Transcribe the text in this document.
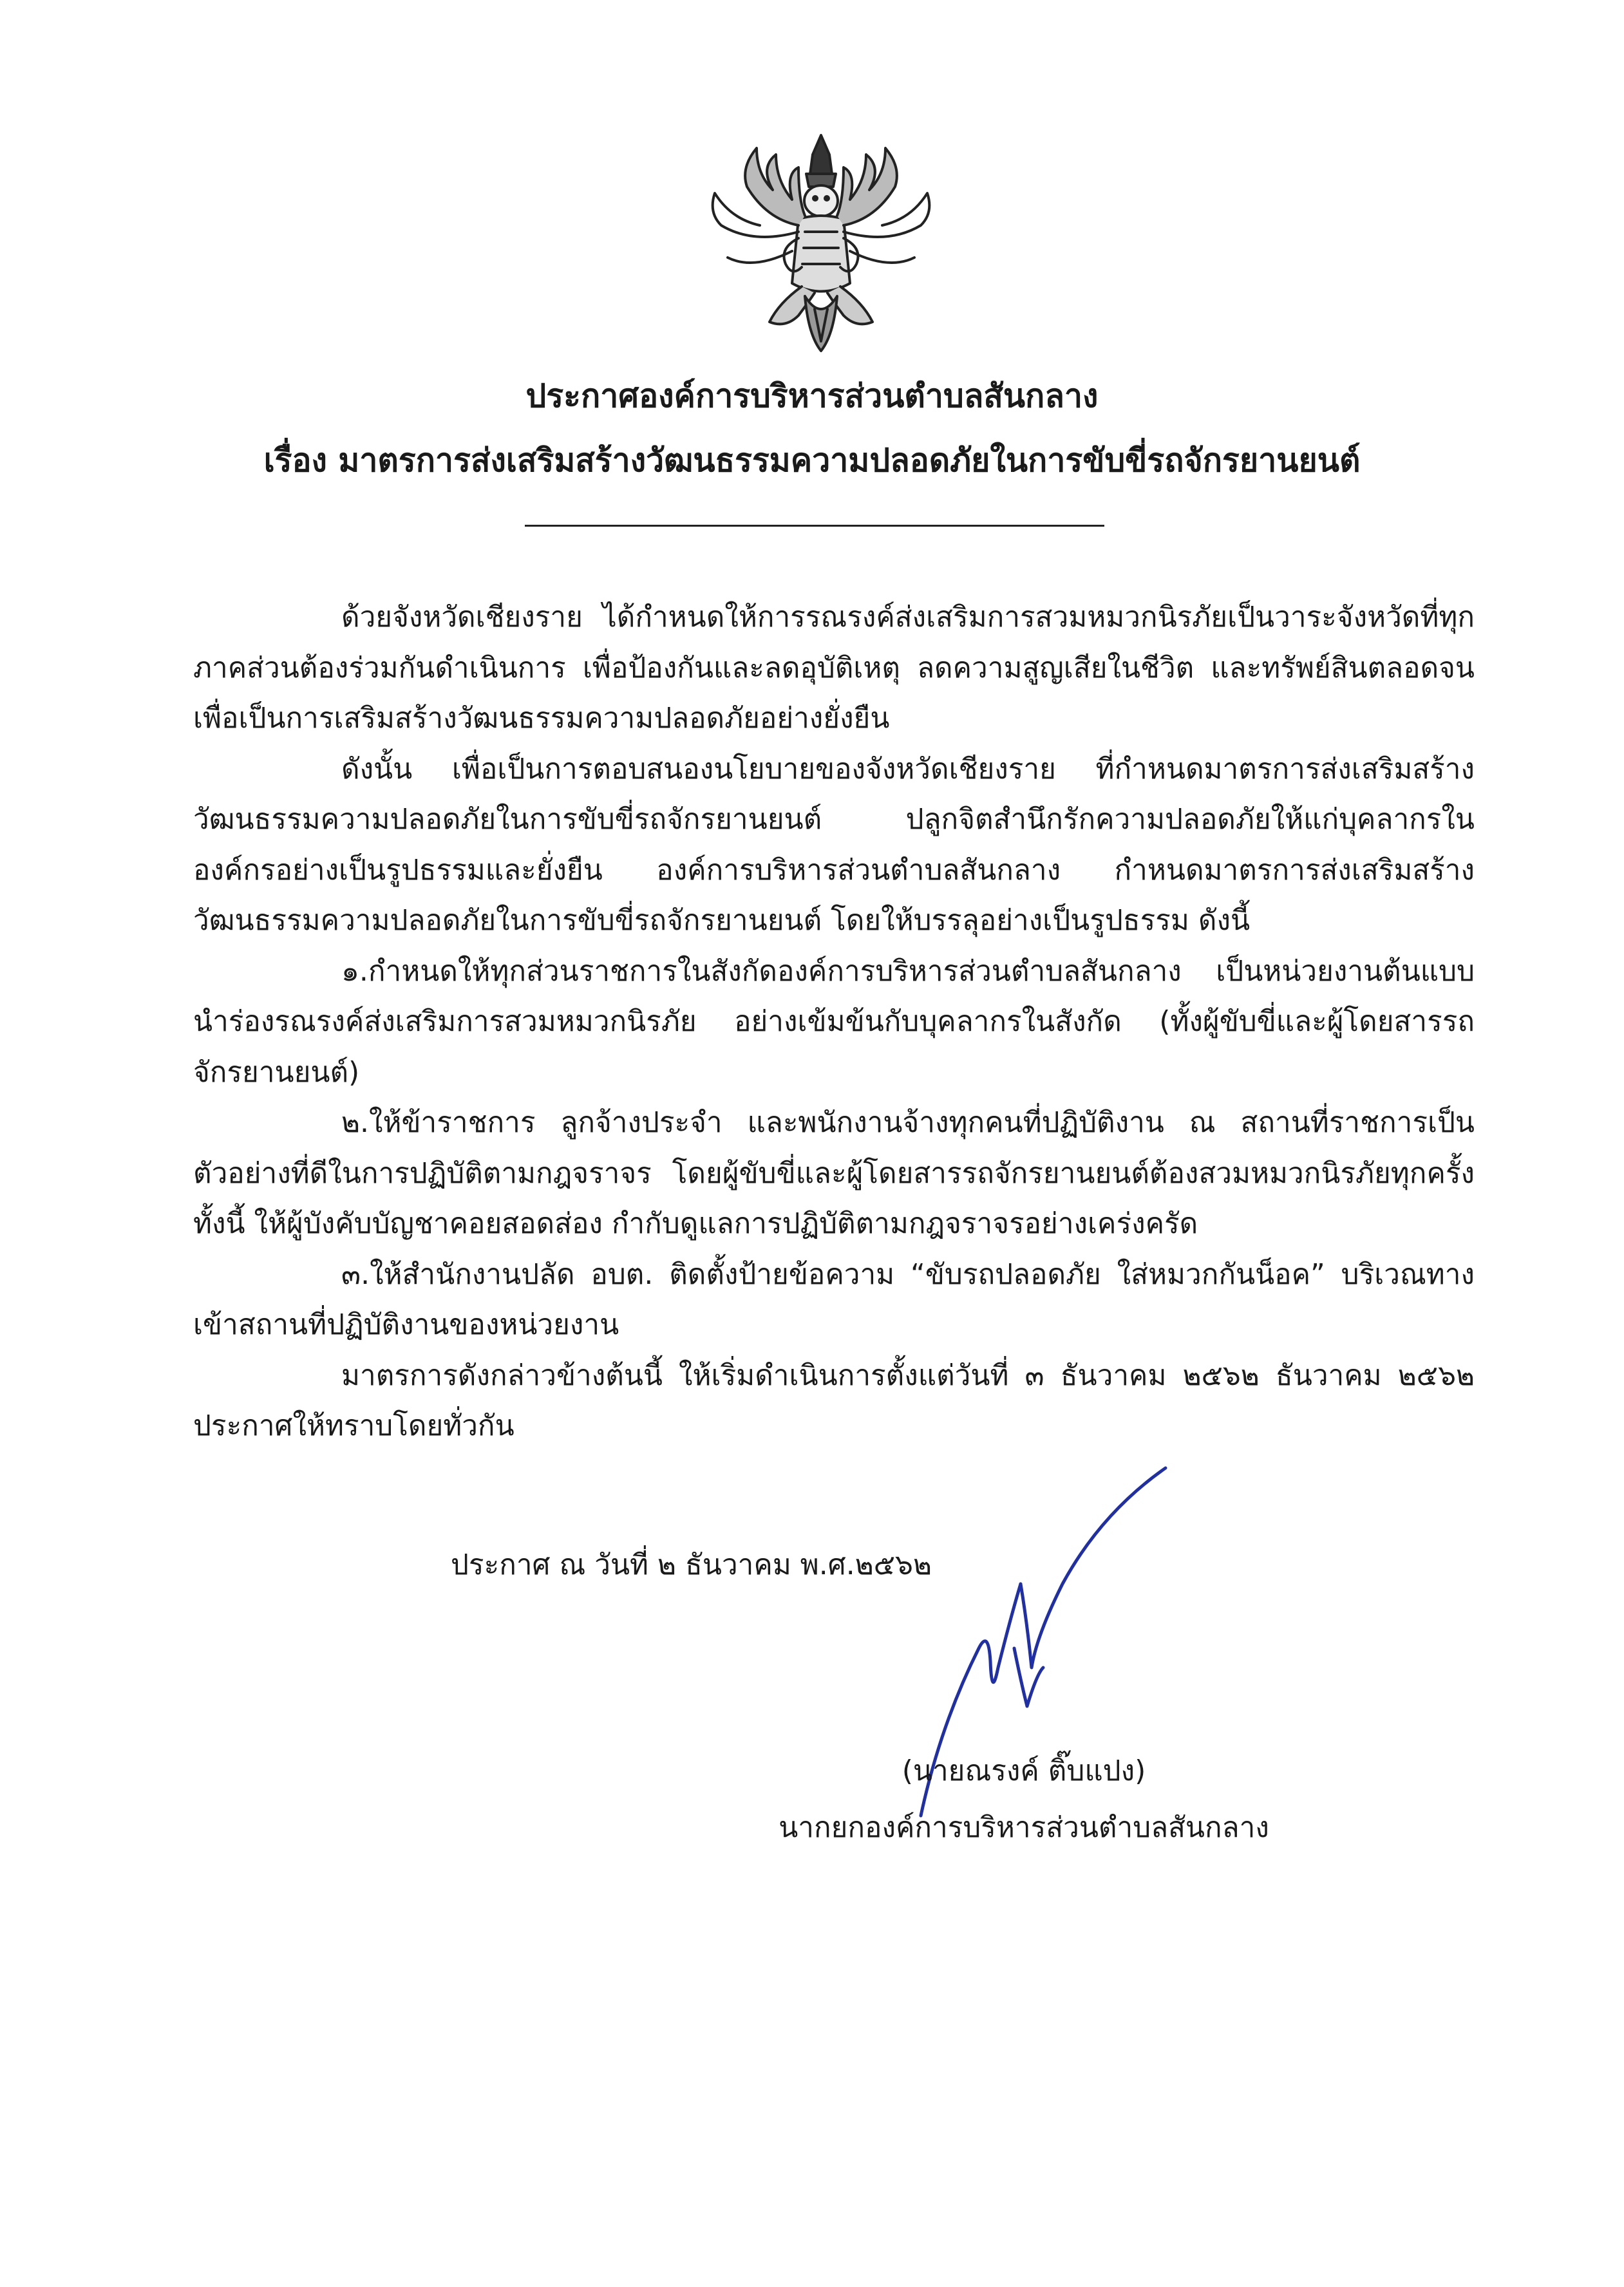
ประกาศองค์การบริหารส่วนตำบลสันกลาง
เรื่อง มาตรการส่งเสริมสร้างวัฒนธรรมความปลอดภัยในการขับขี่รถจักรยานยนต์

ด้วยจังหวัดเชียงราย ได้กำหนดให้การรณรงค์ส่งเสริมการสวมหมวกนิรภัยเป็นวาระจังหวัดที่ทุกภาคส่วนต้องร่วมกันดำเนินการ เพื่อป้องกันและลดอุบัติเหตุ ลดความสูญเสียในชีวิต และทรัพย์สินตลอดจนเพื่อเป็นการเสริมสร้างวัฒนธรรมความปลอดภัยอย่างยั่งยืน

ดังนั้น เพื่อเป็นการตอบสนองนโยบายของจังหวัดเชียงราย ที่กำหนดมาตรการส่งเสริมสร้างวัฒนธรรมความปลอดภัยในการขับขี่รถจักรยานยนต์ ปลูกจิตสำนึกรักความปลอดภัยให้แก่บุคลากรในองค์กรอย่างเป็นรูปธรรมและยั่งยืน องค์การบริหารส่วนตำบลสันกลาง กำหนดมาตรการส่งเสริมสร้างวัฒนธรรมความปลอดภัยในการขับขี่รถจักรยานยนต์ โดยให้บรรลุอย่างเป็นรูปธรรม ดังนี้

๑.กำหนดให้ทุกส่วนราชการในสังกัดองค์การบริหารส่วนตำบลสันกลาง เป็นหน่วยงานต้นแบบนำร่องรณรงค์ส่งเสริมการสวมหมวกนิรภัย อย่างเข้มข้นกับบุคลากรในสังกัด (ทั้งผู้ขับขี่และผู้โดยสารรถจักรยานยนต์)

๒.ให้ข้าราชการ ลูกจ้างประจำ และพนักงานจ้างทุกคนที่ปฏิบัติงาน ณ สถานที่ราชการเป็นตัวอย่างที่ดีในการปฏิบัติตามกฎจราจร โดยผู้ขับขี่และผู้โดยสารรถจักรยานยนต์ต้องสวมหมวกนิรภัยทุกครั้ง ทั้งนี้ ให้ผู้บังคับบัญชาคอยสอดส่อง กำกับดูแลการปฏิบัติตามกฎจราจรอย่างเคร่งครัด

๓.ให้สำนักงานปลัด อบต. ติดตั้งป้ายข้อความ “ขับรถปลอดภัย ใส่หมวกกันน็อค” บริเวณทางเข้าสถานที่ปฏิบัติงานของหน่วยงาน

มาตรการดังกล่าวข้างต้นนี้ ให้เริ่มดำเนินการตั้งแต่วันที่ ๓ ธันวาคม ๒๕๖๒ ธันวาคม ๒๕๖๒ ประกาศให้ทราบโดยทั่วกัน

ประกาศ ณ วันที่ ๒ ธันวาคม พ.ศ.๒๕๖๒
(นายณรงค์ ติ๊บแปง)
นากยกองค์การบริหารส่วนตำบลสันกลาง
